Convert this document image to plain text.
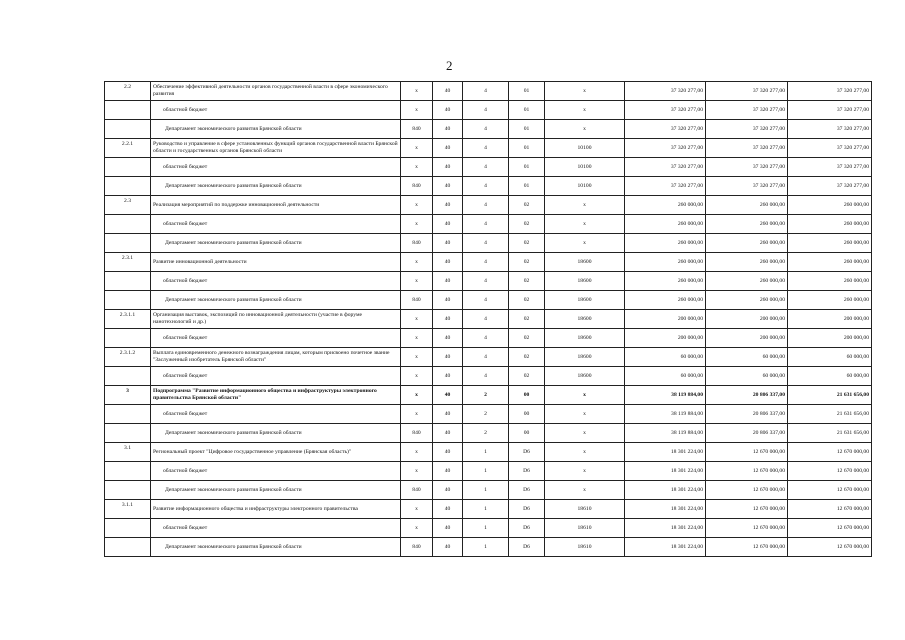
2
2.2	Обеспечение эффективной деятельности органов государственной власти в сфере экономического развития	х	40	4	01	х	37 320 277,00	37 320 277,00	37 320 277,00
	областной бюджет	х	40	4	01	х	37 320 277,00	37 320 277,00	37 320 277,00
	Департамент экономического развития Брянской области	840	40	4	01	х	37 320 277,00	37 320 277,00	37 320 277,00
2.2.1	Руководство и управление в сфере установленных функций органов государственной власти Брянской области и государственных органов Брянской области	х	40	4	01	10100	37 320 277,00	37 320 277,00	37 320 277,00
	областной бюджет	х	40	4	01	10100	37 320 277,00	37 320 277,00	37 320 277,00
	Департамент экономического развития Брянской области	840	40	4	01	10100	37 320 277,00	37 320 277,00	37 320 277,00
2.3	Реализация мероприятий по поддержке инновационной деятельности	х	40	4	02	х	260 000,00	260 000,00	260 000,00
	областной бюджет	х	40	4	02	х	260 000,00	260 000,00	260 000,00
	Департамент экономического развития Брянской области	840	40	4	02	х	260 000,00	260 000,00	260 000,00
2.3.1	Развитие инновационной деятельности	х	40	4	02	18600	260 000,00	260 000,00	260 000,00
	областной бюджет	х	40	4	02	18600	260 000,00	260 000,00	260 000,00
	Департамент экономического развития Брянской области	840	40	4	02	18600	260 000,00	260 000,00	260 000,00
2.3.1.1	Организация выставок, экспозиций по инновационной деятельности (участие в форуме нанотехнологий и др.)	х	40	4	02	18600	200 000,00	200 000,00	200 000,00
	областной бюджет	х	40	4	02	18600	200 000,00	200 000,00	200 000,00
2.3.1.2	Выплата единовременного денежного вознаграждения лицам, которым присвоено почетное звание "Заслуженный изобретатель Брянской области"	х	40	4	02	18600	60 000,00	60 000,00	60 000,00
	областной бюджет	х	40	4	02	18600	60 000,00	60 000,00	60 000,00
3	Подпрограмма "Развитие информационного общества и инфраструктуры электронного правительства Брянской области"	х	40	2	00	х	38 119 884,00	20 806 337,00	21 631 656,00
	областной бюджет	х	40	2	00	х	38 119 884,00	20 806 337,00	21 631 656,00
	Департамент экономического развития Брянской области	840	40	2	00	х	38 119 884,00	20 806 337,00	21 631 656,00
3.1	Региональный проект "Цифровое государственное управление (Брянская область)"	х	40	1	D6	х	18 301 224,00	12 670 000,00	12 670 000,00
	областной бюджет	х	40	1	D6	х	18 301 224,00	12 670 000,00	12 670 000,00
	Департамент экономического развития Брянской области	840	40	1	D6	х	18 301 224,00	12 670 000,00	12 670 000,00
3.1.1	Развитие информационного общества и инфраструктуры электронного правительства	х	40	1	D6	18610	18 301 224,00	12 670 000,00	12 670 000,00
	областной бюджет	х	40	1	D6	18610	18 301 224,00	12 670 000,00	12 670 000,00
	Департамент экономического развития Брянской области	840	40	1	D6	18610	18 301 224,00	12 670 000,00	12 670 000,00
